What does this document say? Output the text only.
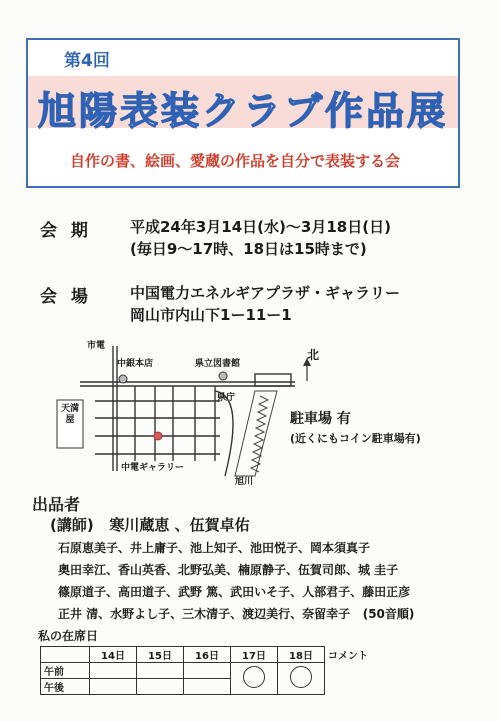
第4回
旭陽表装クラブ作品展
自作の書、絵画、愛蔵の作品を自分で表装する会
会 期	平成24年3月14日(水)〜3月18日(日)
(毎日9〜17時、18日は15時まで)
会 場	中国電力エネルギアプラザ・ギャラリー
岡山市内山下1ー11ー1
市電
中銀本店	県立図書館
県庁
天満屋
中電ギャラリー
旭川
北
駐車場 有
(近くにもコイン駐車場有)
出品者
(講師)   寒川蔵恵 、伍賀卓佑
石原恵美子、井上庸子、池上知子、池田悦子、岡本須真子
奥田幸江、香山英香、北野弘美、楠原静子、伍賀司郎、城 圭子
篠原道子、高田道子、武野 篤、武田いそ子、人部君子、藤田正彦
正井 清、水野よし子、三木清子、渡辺美行、奈留幸子   (50音順)
私の在席日
	14日	15日	16日	17日	18日	コメント
午前						
午後						
